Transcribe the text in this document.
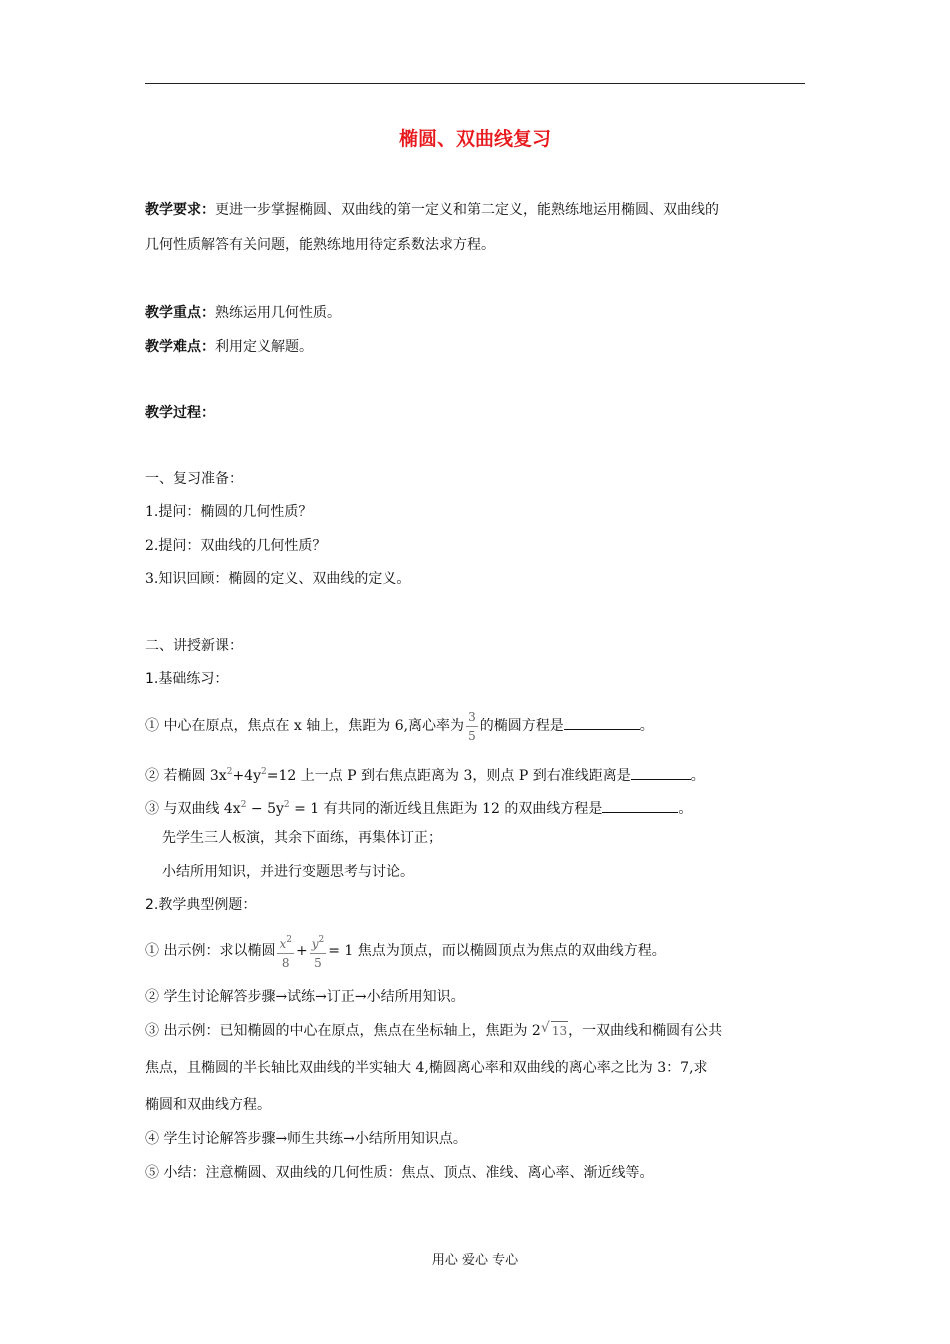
椭圆、双曲线复习
教学要求：更进一步掌握椭圆、双曲线的第一定义和第二定义，能熟练地运用椭圆、双曲线的
几何性质解答有关问题，能熟练地用待定系数法求方程。
教学重点：熟练运用几何性质。
教学难点：利用定义解题。
教学过程：
一、复习准备：
1.提问：椭圆的几何性质？
2.提问：双曲线的几何性质？
3.知识回顾：椭圆的定义、双曲线的定义。
二、讲授新课：
1.基础练习：
① 中心在原点，焦点在 x 轴上，焦距为 6,离心率为 $\frac{3}{5}$ 的椭圆方程是	。
② 若椭圆 $3x^2+4y^2=12$ 上一点 P 到右焦点距离为 3，则点 P 到右准线距离是	。
③ 与双曲线 $4x^2 - 5y^2 = 1$ 有共同的渐近线且焦距为 12 的双曲线方程是	。
先学生三人板演，其余下面练，再集体订正；
小结所用知识，并进行变题思考与讨论。
2.教学典型例题：
① 出示例：求以椭圆 $\frac{x^2}{8} + \frac{y^2}{5} = 1$ 焦点为顶点，而以椭圆顶点为焦点的双曲线方程。
② 学生讨论解答步骤→试练→订正→小结所用知识。
③ 出示例：已知椭圆的中心在原点，焦点在坐标轴上，焦距为 2 √ 13，一双曲线和椭圆有公共
焦点，且椭圆的半长轴比双曲线的半实轴大 4,椭圆离心率和双曲线的离心率之比为 3：7,求
椭圆和双曲线方程。
④ 学生讨论解答步骤→师生共练→小结所用知识点。
⑤ 小结：注意椭圆、双曲线的几何性质：焦点、顶点、准线、离心率、渐近线等。
用心 爱心 专心
